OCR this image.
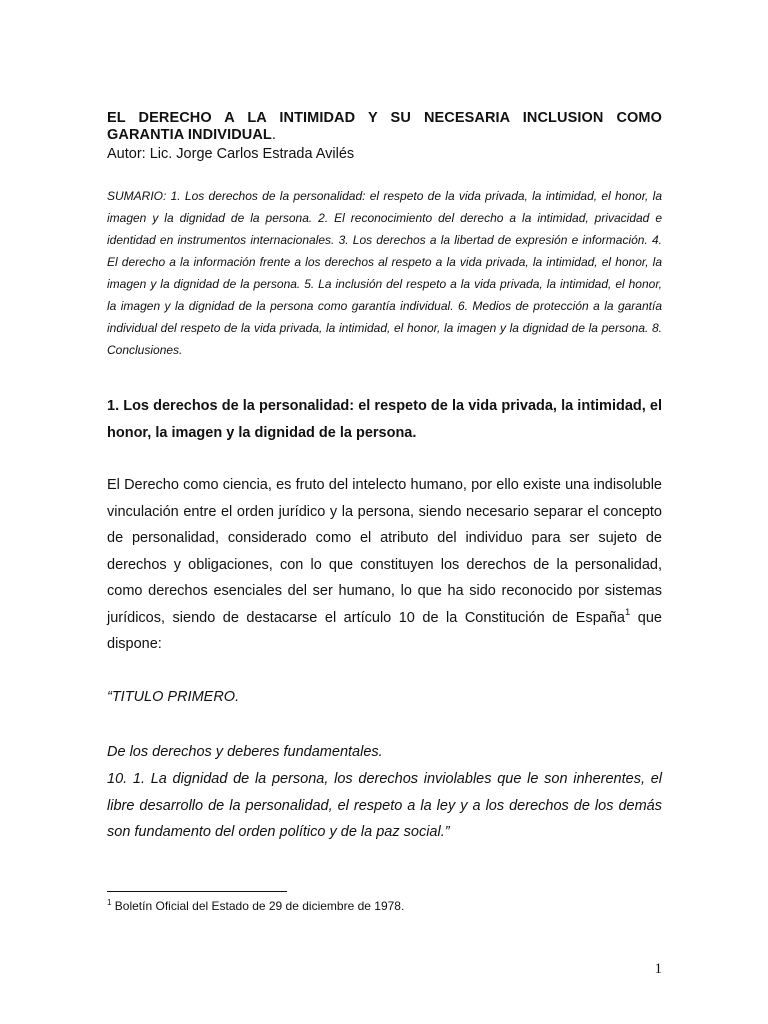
EL DERECHO A LA INTIMIDAD Y SU NECESARIA INCLUSION COMO GARANTIA INDIVIDUAL.

Autor: Lic. Jorge Carlos Estrada Avilés

SUMARIO: 1. Los derechos de la personalidad: el respeto de la vida privada, la intimidad, el honor, la imagen y la dignidad de la persona. 2. El reconocimiento del derecho a la intimidad, privacidad e identidad en instrumentos internacionales. 3. Los derechos a la libertad de expresión e información. 4. El derecho a la información frente a los derechos al respeto a la vida privada, la intimidad, el honor, la imagen y la dignidad de la persona. 5. La inclusión del respeto a la vida privada, la intimidad, el honor, la imagen y la dignidad de la persona como garantía individual. 6. Medios de protección a la garantía individual del respeto de la vida privada, la intimidad, el honor, la imagen y la dignidad de la persona. 8. Conclusiones.

1. Los derechos de la personalidad: el respeto de la vida privada, la intimidad, el honor, la imagen y la dignidad de la persona.

El Derecho como ciencia, es fruto del intelecto humano, por ello existe una indisoluble vinculación entre el orden jurídico y la persona, siendo necesario separar el concepto de personalidad, considerado como el atributo del individuo para ser sujeto de derechos y obligaciones, con lo que constituyen los derechos de la personalidad, como derechos esenciales del ser humano, lo que ha sido reconocido por sistemas jurídicos, siendo de destacarse el artículo 10 de la Constitución de España$^1$ que dispone:

“TITULO PRIMERO.

De los derechos y deberes fundamentales.

10. 1. La dignidad de la persona, los derechos inviolables que le son inherentes, el libre desarrollo de la personalidad, el respeto a la ley y a los derechos de los demás son fundamento del orden político y de la paz social.”

$^1$ Boletín Oficial del Estado de 29 de diciembre de 1978.

1
